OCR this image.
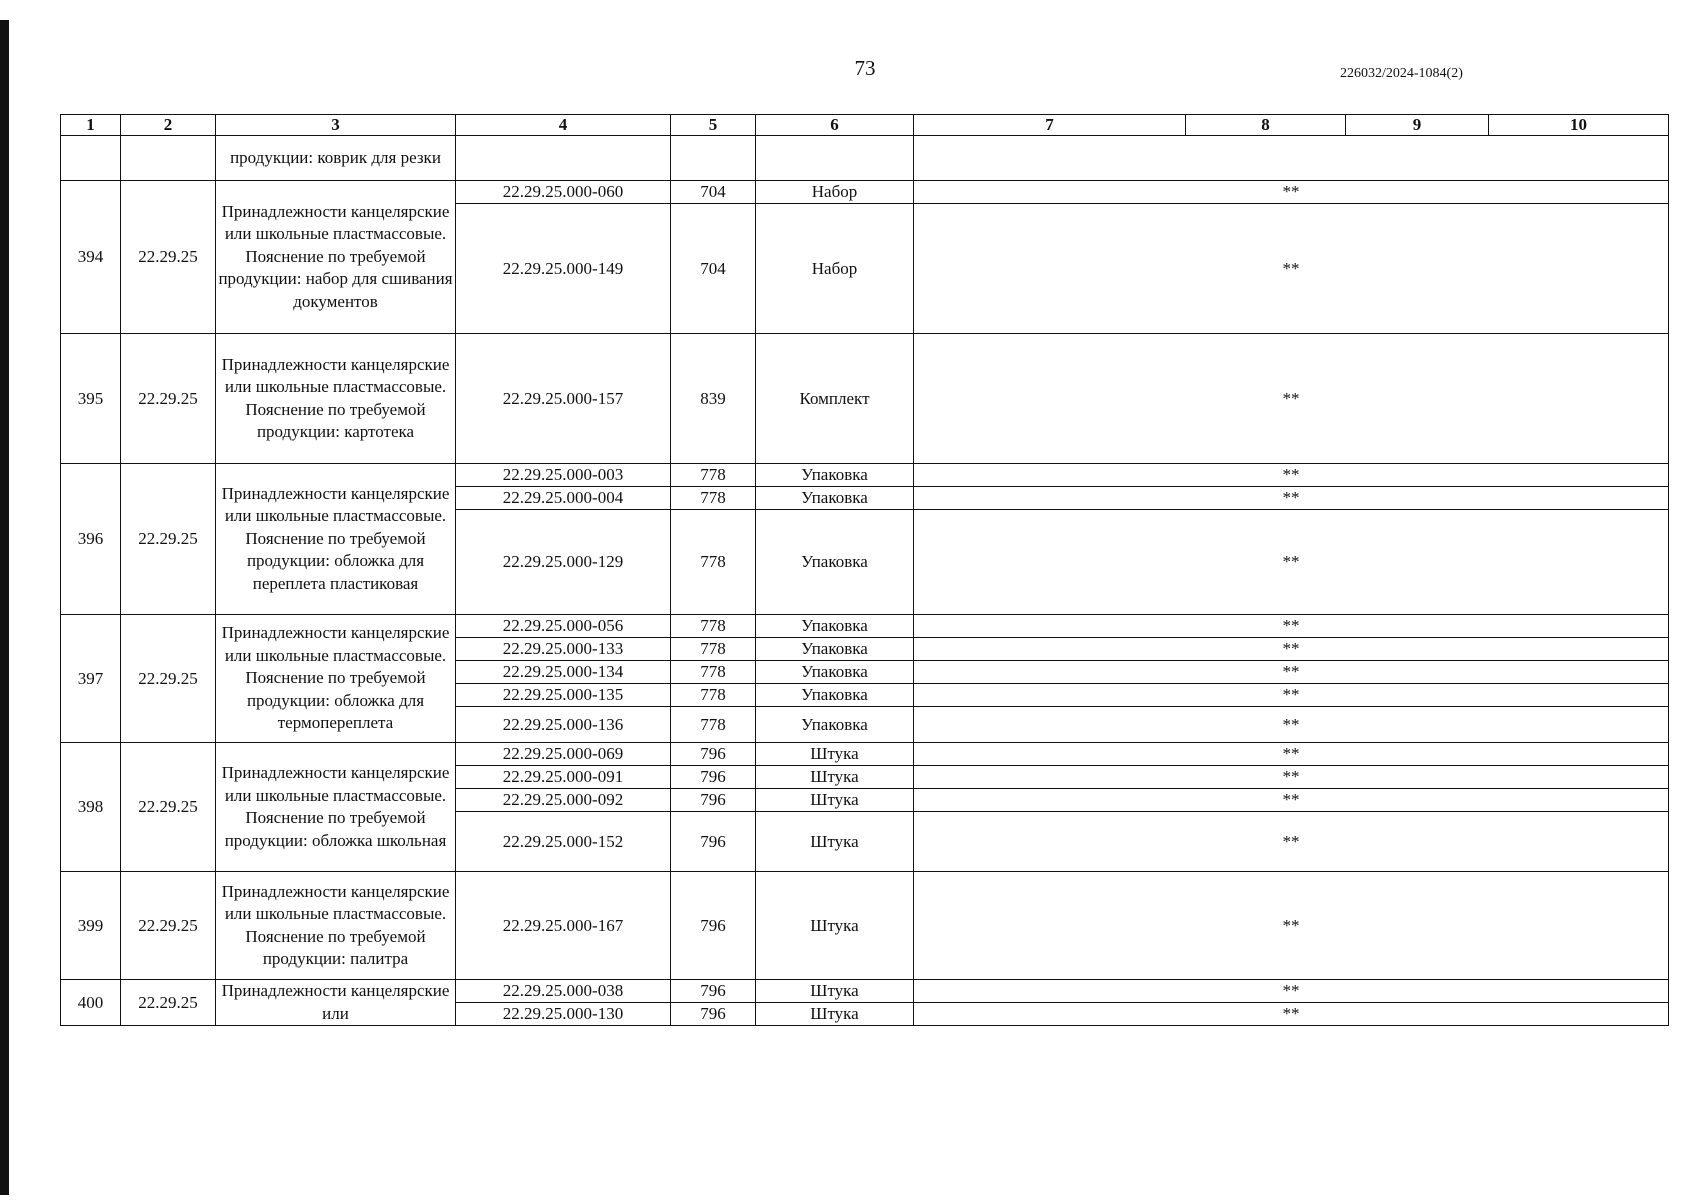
73	226032/2024-1084(2)
1	2	3	4	5	6	7	8	9	10
		продукции: коврик для резки							
394	22.29.25	Принадлежности канцелярские или школьные пластмассовые. Пояснение по требуемой продукции: набор для сшивания документов	22.29.25.000-060	704	Набор	**			
			22.29.25.000-149	704	Набор	**			
395	22.29.25	Принадлежности канцелярские или школьные пластмассовые. Пояснение по требуемой продукции: картотека	22.29.25.000-157	839	Комплект	**			
396	22.29.25	Принадлежности канцелярские или школьные пластмассовые. Пояснение по требуемой продукции: обложка для переплета пластиковая	22.29.25.000-003	778	Упаковка	**			
			22.29.25.000-004	778	Упаковка	**			
			22.29.25.000-129	778	Упаковка	**			
397	22.29.25	Принадлежности канцелярские или школьные пластмассовые. Пояснение по требуемой продукции: обложка для термопереплета	22.29.25.000-056	778	Упаковка	**			
			22.29.25.000-133	778	Упаковка	**			
			22.29.25.000-134	778	Упаковка	**			
			22.29.25.000-135	778	Упаковка	**			
			22.29.25.000-136	778	Упаковка	**			
398	22.29.25	Принадлежности канцелярские или школьные пластмассовые. Пояснение по требуемой продукции: обложка школьная	22.29.25.000-069	796	Штука	**			
			22.29.25.000-091	796	Штука	**			
			22.29.25.000-092	796	Штука	**			
			22.29.25.000-152	796	Штука	**			
399	22.29.25	Принадлежности канцелярские или школьные пластмассовые. Пояснение по требуемой продукции: палитра	22.29.25.000-167	796	Штука	**			
400	22.29.25	Принадлежности канцелярские или	22.29.25.000-038	796	Штука	**			
			22.29.25.000-130	796	Штука	**			
